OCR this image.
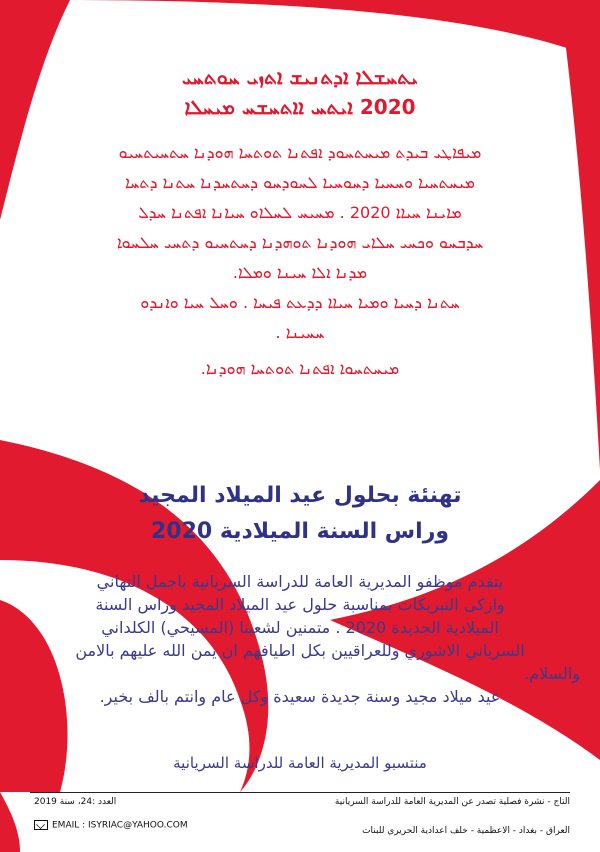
ܝܬܚܫܠܐ ܐܕܬܢܝܫ ܐܬܙܝ ܚܘܬܚܝ
2020 ܐܝܬܚ ܐܐܬܚܫܚ ܡܝܚܠܐ
ܡܝܦܐܛܝ ܒܝܕܬ ܡܝܚܬܚܘܕ ܐܦܬܢܐ ܬܘܬܚܐ ܗܘܕܢܐ ܚܬܚܝܬܚܝܘ
ܡܝܚܬܚܝܐ ܘܚܚܝܐ ܕܚܘܚܝܐ ܠܚܘܕܚܘ ܕܚܬܚܕܢܐ ܚܬܢܐ ܕܬܚܐ
ܡܐܝܢܐ ܚܝܐܐ 2020 . ܡܚܝܚ ܠܚܠܐܘ ܚܝܐܢܐ ܐܦܬܢܐ ܚܕܠ
ܚܕܒܚܘ ܘܟܚܝ ܚܠܐܝ ܗܘܕܢܐ ܬܘܗܕܢܐ ܕܚܬܚܝܘ ܕܬܚܝ ܚܠܚܘܐ
ܡܕܢܐ ܐܠܐ ܚܝܢܐ ܘܡܠܐ.
ܚܬܢܐ ܕܚܝܐ ܘܡܝܐ ܚܝܐܐ ܕܕܥܬ ܦܝܚܐ . ܘܚܠ ܚܝܐ ܘܐܢܕܘ
ܚܚܝܢܐ .
ܡܝܚܬܚܘܐ ܐܦܬܢܐ ܬܘܬܚܐ ܗܘܕܢܐ.
تهنئة بحلول عيد الميلاد المجيد
وراس السنة الميلادية 2020
يتقدم موظفو المديرية العامة للدراسة السريانية باجمل التهاني
وازكى التبريكات بمناسبة حلول عيد الميلاد المجيد وراس السنة
الميلادية الجديدة 2020 . متمنين لشعبنا (المسيحي) الكلداني
السرياني الاشوري وللعراقيين بكل اطيافهم ان يمن الله عليهم بالامن
والسلام.
عيد ميلاد مجيد وسنة جديدة سعيدة وكل عام وانتم بالف بخير.
منتسبو المديرية العامة للدراسة السريانية
العدد :24، سنة 2019	التاج - نشرة فصلية تصدر عن المديرية العامة للدراسة السريانية
EMAIL : ISYRIAC@YAHOO.COM
العراق - بغداد - الاعظمية - خلف اعدادية الحريري للبنات
